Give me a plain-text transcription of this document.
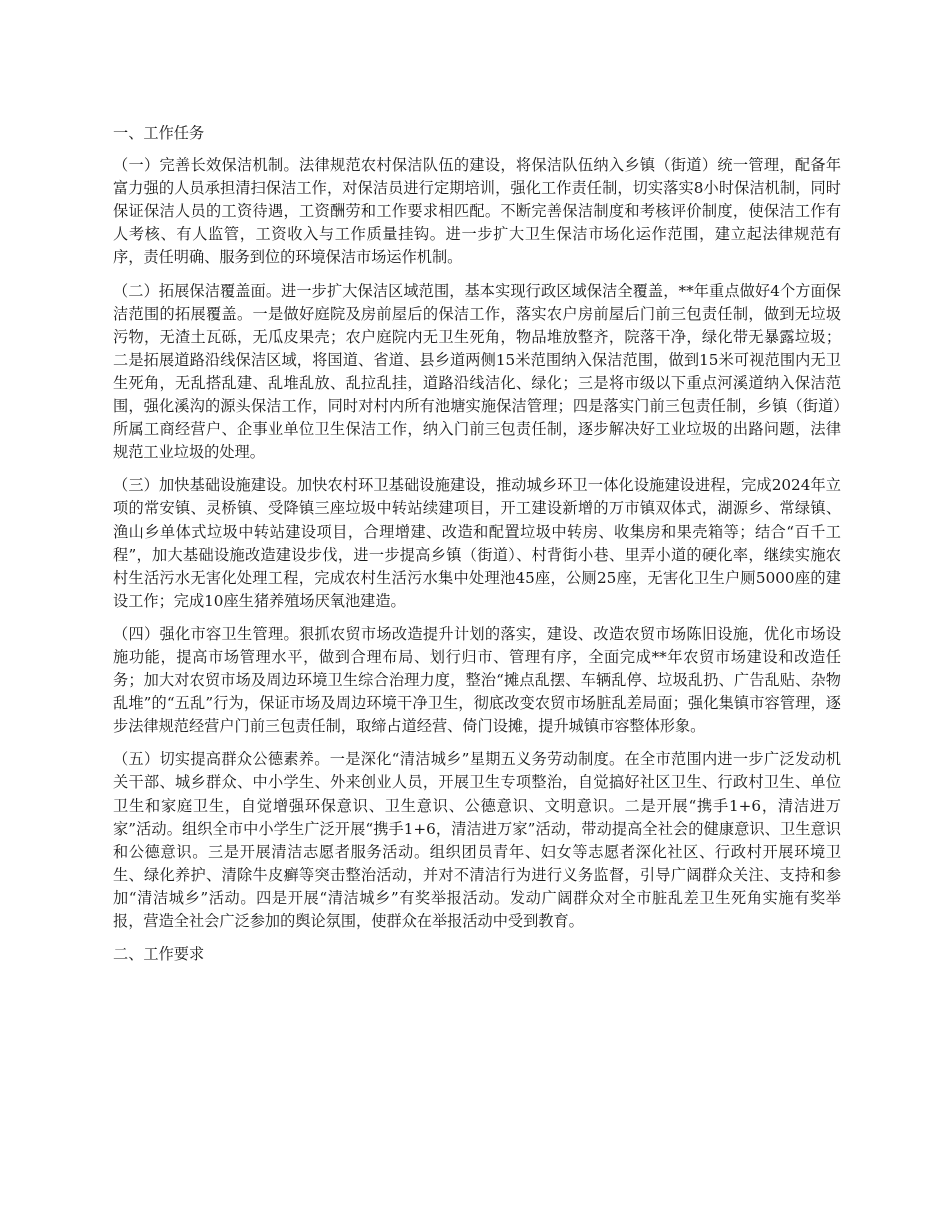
一、工作任务

（一）完善长效保洁机制。法律规范农村保洁队伍的建设，将保洁队伍纳入乡镇（街道）统一管理，配备年富力强的人员承担清扫保洁工作，对保洁员进行定期培训，强化工作责任制，切实落实8小时保洁机制，同时保证保洁人员的工资待遇，工资酬劳和工作要求相匹配。不断完善保洁制度和考核评价制度，使保洁工作有人考核、有人监管，工资收入与工作质量挂钩。进一步扩大卫生保洁市场化运作范围，建立起法律规范有序，责任明确、服务到位的环境保洁市场运作机制。

（二）拓展保洁覆盖面。进一步扩大保洁区域范围，基本实现行政区域保洁全覆盖，**年重点做好4个方面保洁范围的拓展覆盖。一是做好庭院及房前屋后的保洁工作，落实农户房前屋后门前三包责任制，做到无垃圾污物，无渣土瓦砾，无瓜皮果壳；农户庭院内无卫生死角，物品堆放整齐，院落干净，绿化带无暴露垃圾；二是拓展道路沿线保洁区域，将国道、省道、县乡道两侧15米范围纳入保洁范围，做到15米可视范围内无卫生死角，无乱搭乱建、乱堆乱放、乱拉乱挂，道路沿线洁化、绿化；三是将市级以下重点河溪道纳入保洁范围，强化溪沟的源头保洁工作，同时对村内所有池塘实施保洁管理；四是落实门前三包责任制，乡镇（街道）所属工商经营户、企事业单位卫生保洁工作，纳入门前三包责任制，逐步解决好工业垃圾的出路问题，法律规范工业垃圾的处理。

（三）加快基础设施建设。加快农村环卫基础设施建设，推动城乡环卫一体化设施建设进程，完成2024年立项的常安镇、灵桥镇、受降镇三座垃圾中转站续建项目，开工建设新增的万市镇双体式，湖源乡、常绿镇、渔山乡单体式垃圾中转站建设项目，合理增建、改造和配置垃圾中转房、收集房和果壳箱等；结合“百千工程”，加大基础设施改造建设步伐，进一步提高乡镇（街道）、村背街小巷、里弄小道的硬化率，继续实施农村生活污水无害化处理工程，完成农村生活污水集中处理池45座，公厕25座，无害化卫生户厕5000座的建设工作；完成10座生猪养殖场厌氧池建造。

（四）强化市容卫生管理。狠抓农贸市场改造提升计划的落实，建设、改造农贸市场陈旧设施，优化市场设施功能，提高市场管理水平，做到合理布局、划行归市、管理有序，全面完成**年农贸市场建设和改造任务；加大对农贸市场及周边环境卫生综合治理力度，整治“摊点乱摆、车辆乱停、垃圾乱扔、广告乱贴、杂物乱堆”的“五乱”行为，保证市场及周边环境干净卫生，彻底改变农贸市场脏乱差局面；强化集镇市容管理，逐步法律规范经营户门前三包责任制，取缔占道经营、倚门设摊，提升城镇市容整体形象。

（五）切实提高群众公德素养。一是深化“清洁城乡”星期五义务劳动制度。在全市范围内进一步广泛发动机关干部、城乡群众、中小学生、外来创业人员，开展卫生专项整治，自觉搞好社区卫生、行政村卫生、单位卫生和家庭卫生，自觉增强环保意识、卫生意识、公德意识、文明意识。二是开展“携手1+6，清洁进万家”活动。组织全市中小学生广泛开展“携手1+6，清洁进万家”活动，带动提高全社会的健康意识、卫生意识和公德意识。三是开展清洁志愿者服务活动。组织团员青年、妇女等志愿者深化社区、行政村开展环境卫生、绿化养护、清除牛皮癣等突击整治活动，并对不清洁行为进行义务监督，引导广阔群众关注、支持和参加“清洁城乡”活动。四是开展“清洁城乡”有奖举报活动。发动广阔群众对全市脏乱差卫生死角实施有奖举报，营造全社会广泛参加的舆论氛围，使群众在举报活动中受到教育。

二、工作要求
